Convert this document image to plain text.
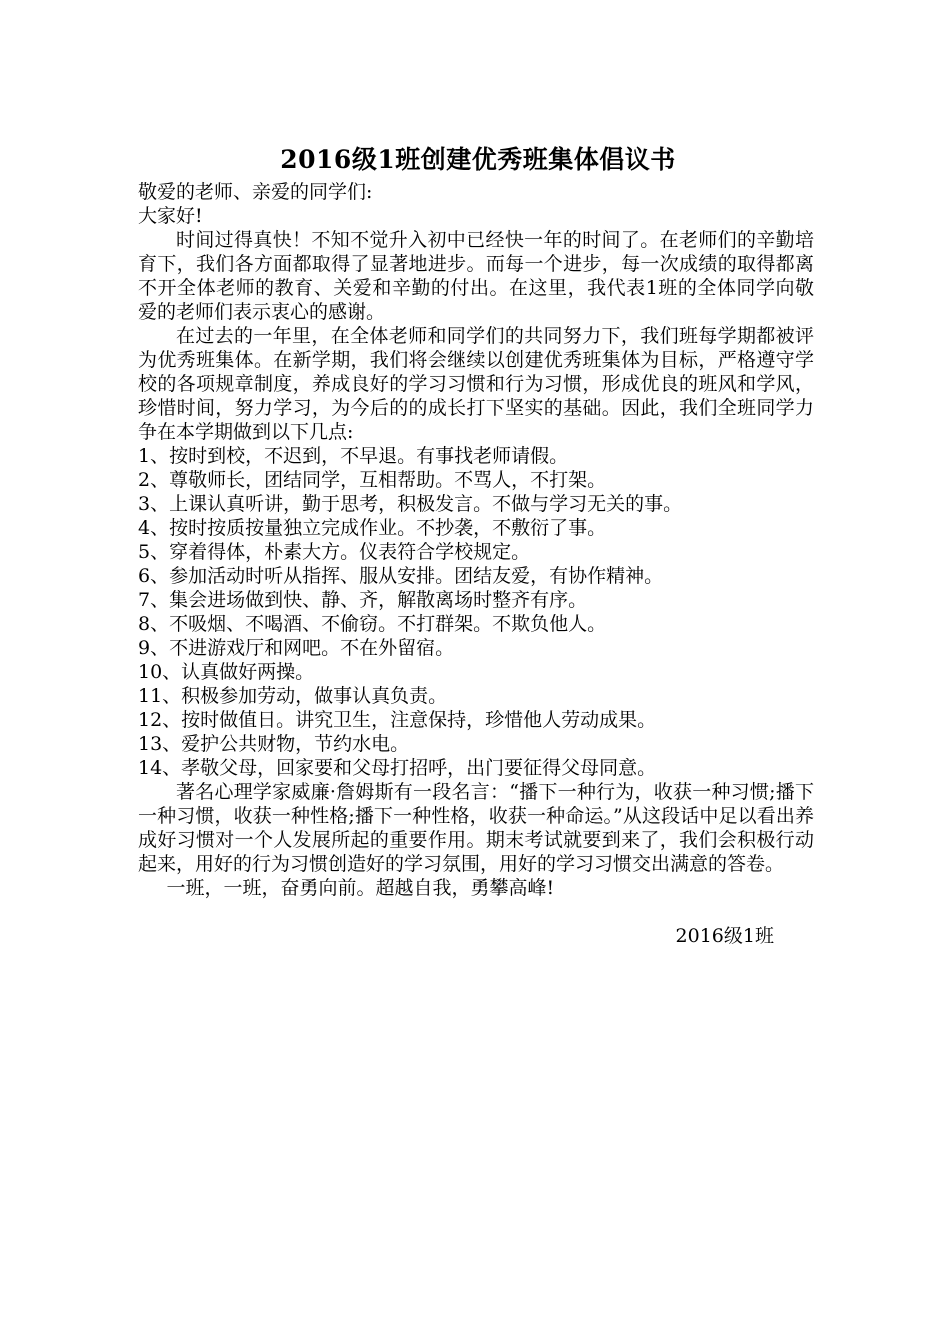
2016级1班创建优秀班集体倡议书

敬爱的老师、亲爱的同学们:

大家好!

时间过得真快！不知不觉升入初中已经快一年的时间了。在老师们的辛勤培育下，我们各方面都取得了显著地进步。而每一个进步，每一次成绩的取得都离不开全体老师的教育、关爱和辛勤的付出。在这里，我代表1班的全体同学向敬爱的老师们表示衷心的感谢。

在过去的一年里，在全体老师和同学们的共同努力下，我们班每学期都被评为优秀班集体。在新学期，我们将会继续以创建优秀班集体为目标，严格遵守学校的各项规章制度，养成良好的学习习惯和行为习惯，形成优良的班风和学风，珍惜时间，努力学习，为今后的的成长打下坚实的基础。因此，我们全班同学力争在本学期做到以下几点:

1、按时到校，不迟到，不早退。有事找老师请假。

2、尊敬师长，团结同学，互相帮助。不骂人，不打架。

3、上课认真听讲，勤于思考，积极发言。不做与学习无关的事。

4、按时按质按量独立完成作业。不抄袭，不敷衍了事。

5、穿着得体，朴素大方。仪表符合学校规定。

6、参加活动时听从指挥、服从安排。团结友爱，有协作精神。

7、集会进场做到快、静、齐，解散离场时整齐有序。

8、不吸烟、不喝酒、不偷窃。不打群架。不欺负他人。

9、不进游戏厅和网吧。不在外留宿。

10、认真做好两操。

11、积极参加劳动，做事认真负责。

12、按时做值日。讲究卫生，注意保持，珍惜他人劳动成果。

13、爱护公共财物，节约水电。

14、孝敬父母，回家要和父母打招呼，出门要征得父母同意。

著名心理学家威廉·詹姆斯有一段名言：“播下一种行为，收获一种习惯;播下一种习惯，收获一种性格;播下一种性格，收获一种命运。”从这段话中足以看出养成好习惯对一个人发展所起的重要作用。期末考试就要到来了，我们会积极行动起来，用好的行为习惯创造好的学习氛围，用好的学习习惯交出满意的答卷。

一班，一班，奋勇向前。超越自我，勇攀高峰!

2016级1班
